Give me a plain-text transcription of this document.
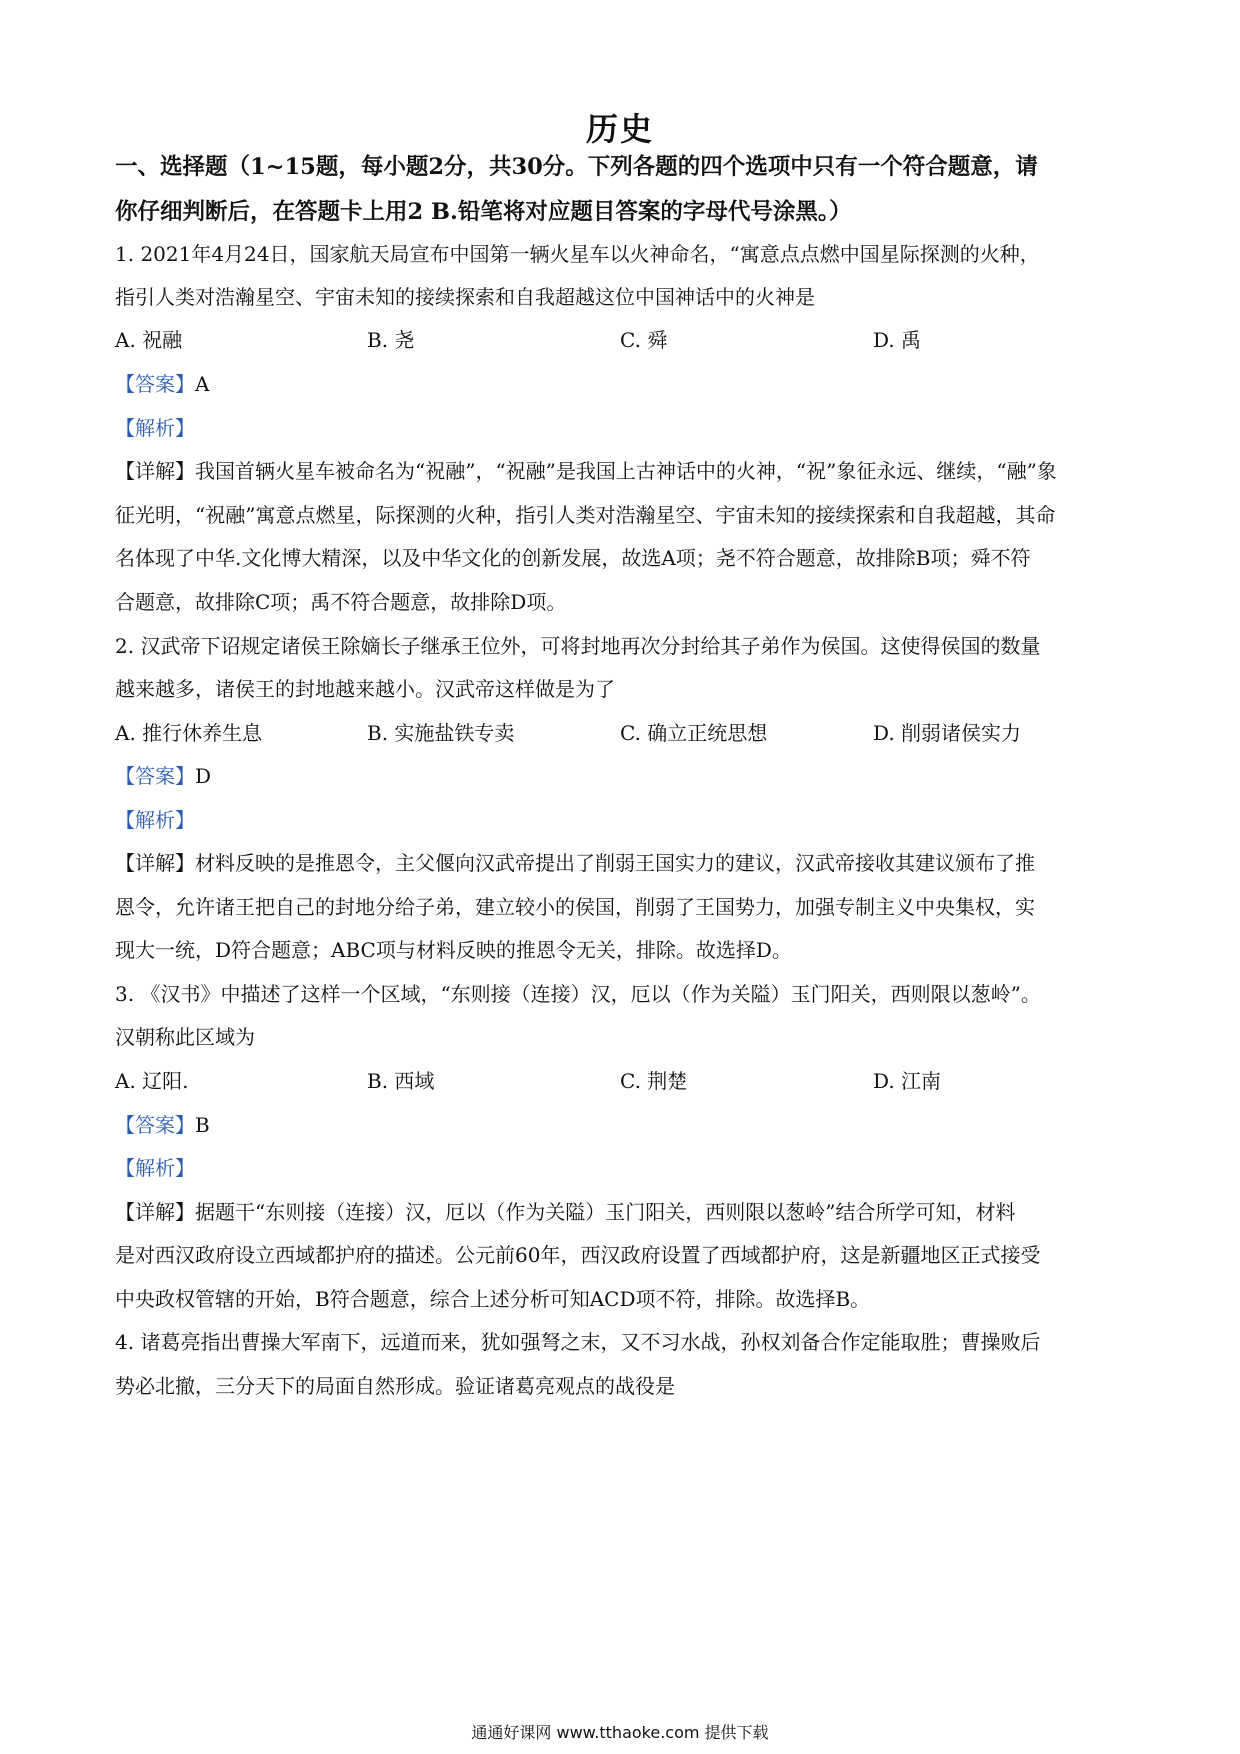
历史
一、选择题（1~15题，每小题2分，共30分。下列各题的四个选项中只有一个符合题意，请
你仔细判断后，在答题卡上用2 B.铅笔将对应题目答案的字母代号涂黑。）
1. 2021年4月24日，国家航天局宣布中国第一辆火星车以火神命名，“寓意点点燃中国星际探测的火种，
指引人类对浩瀚星空、宇宙未知的接续探索和自我超越这位中国神话中的火神是
A. 祝融	B. 尧	C. 舜	D. 禹
【答案】A
【解析】
【详解】我国首辆火星车被命名为“祝融”，“祝融”是我国上古神话中的火神，“祝”象征永远、继续，“融”象
征光明，“祝融”寓意点燃星，际探测的火种，指引人类对浩瀚星空、宇宙未知的接续探索和自我超越，其命
名体现了中华.文化博大精深，以及中华文化的创新发展，故选A项；尧不符合题意，故排除B项；舜不符
合题意，故排除C项；禹不符合题意，故排除D项。
2. 汉武帝下诏规定诸侯王除嫡长子继承王位外，可将封地再次分封给其子弟作为侯国。这使得侯国的数量
越来越多，诸侯王的封地越来越小。汉武帝这样做是为了
A. 推行休养生息	B. 实施盐铁专卖	C. 确立正统思想	D. 削弱诸侯实力
【答案】D
【解析】
【详解】材料反映的是推恩令，主父偃向汉武帝提出了削弱王国实力的建议，汉武帝接收其建议颁布了推
恩令，允许诸王把自己的封地分给子弟，建立较小的侯国，削弱了王国势力，加强专制主义中央集权，实
现大一统，D符合题意；ABC项与材料反映的推恩令无关，排除。故选择D。
3. 《汉书》中描述了这样一个区域，“东则接（连接）汉，厄以（作为关隘）玉门阳关，西则限以葱岭”。
汉朝称此区域为
A. 辽阳.	B. 西域	C. 荆楚	D. 江南
【答案】B
【解析】
【详解】据题干“东则接（连接）汉，厄以（作为关隘）玉门阳关，西则限以葱岭”结合所学可知，材料
是对西汉政府设立西域都护府的描述。公元前60年，西汉政府设置了西域都护府，这是新疆地区正式接受
中央政权管辖的开始，B符合题意，综合上述分析可知ACD项不符，排除。故选择B。
4. 诸葛亮指出曹操大军南下，远道而来，犹如强弩之末，又不习水战，孙权刘备合作定能取胜；曹操败后
势必北撤，三分天下的局面自然形成。验证诸葛亮观点的战役是
通通好课网 www.tthaoke.com 提供下载
